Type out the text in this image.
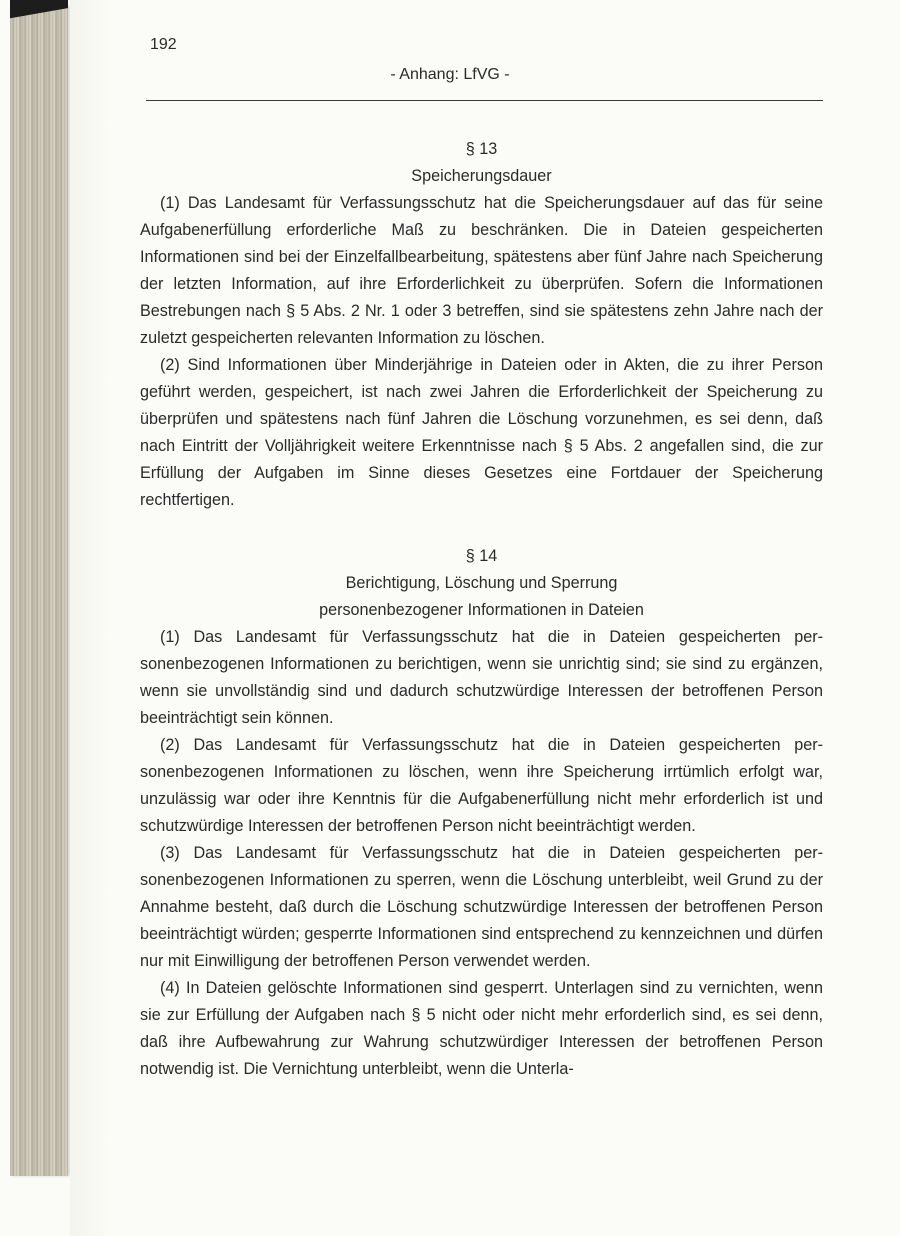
192
- Anhang: LfVG -
§ 13
Speicherungsdauer

(1) Das Landesamt für Verfassungsschutz hat die Speicherungsdauer auf das für seine Aufgabenerfüllung erforderliche Maß zu beschränken. Die in Dateien gespeicherten Informationen sind bei der Einzelfallbearbeitung, spätestens aber fünf Jahre nach Speicherung der letzten Information, auf ihre Erforderlichkeit zu überprüfen. Sofern die Informationen Bestrebungen nach § 5 Abs. 2 Nr. 1 oder 3 betreffen, sind sie spätestens zehn Jahre nach der zuletzt gespeicherten relevanten Information zu löschen.

(2) Sind Informationen über Minderjährige in Dateien oder in Akten, die zu ihrer Person geführt werden, gespeichert, ist nach zwei Jahren die Erforderlichkeit der Speicherung zu überprüfen und spätestens nach fünf Jahren die Löschung vorzunehmen, es sei denn, daß nach Eintritt der Volljährigkeit weitere Erkenntnisse nach § 5 Abs. 2 angefallen sind, die zur Erfüllung der Aufgaben im Sinne dieses Gesetzes eine Fortdauer der Speicherung rechtfertigen.

§ 14
Berichtigung, Löschung und Sperrung
personenbezogener Informationen in Dateien

(1) Das Landesamt für Verfassungsschutz hat die in Dateien gespeicherten personenbezogenen Informationen zu berichtigen, wenn sie unrichtig sind; sie sind zu ergänzen, wenn sie unvollständig sind und dadurch schutzwürdige Interessen der betroffenen Person beeinträchtigt sein können.

(2) Das Landesamt für Verfassungsschutz hat die in Dateien gespeicherten personenbezogenen Informationen zu löschen, wenn ihre Speicherung irrtümlich erfolgt war, unzulässig war oder ihre Kenntnis für die Aufgabenerfüllung nicht mehr erforderlich ist und schutzwürdige Interessen der betroffenen Person nicht beeinträchtigt werden.

(3) Das Landesamt für Verfassungsschutz hat die in Dateien gespeicherten personenbezogenen Informationen zu sperren, wenn die Löschung unterbleibt, weil Grund zu der Annahme besteht, daß durch die Löschung schutzwürdige Interessen der betroffenen Person beeinträchtigt würden; gesperrte Informationen sind entsprechend zu kennzeichnen und dürfen nur mit Einwilligung der betroffenen Person verwendet werden.

(4) In Dateien gelöschte Informationen sind gesperrt. Unterlagen sind zu vernichten, wenn sie zur Erfüllung der Aufgaben nach § 5 nicht oder nicht mehr erforderlich sind, es sei denn, daß ihre Aufbewahrung zur Wahrung schutzwürdiger Interessen der betroffenen Person notwendig ist. Die Vernichtung unterbleibt, wenn die Unterla-
